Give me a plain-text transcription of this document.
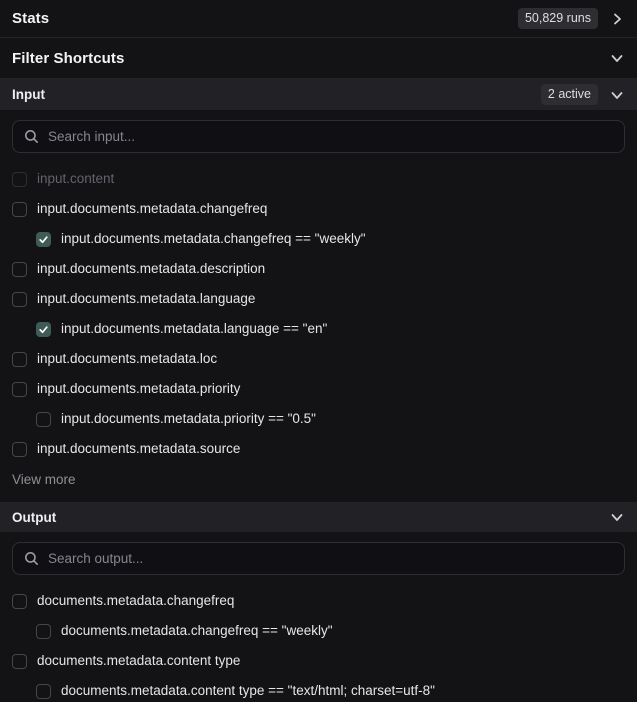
Stats	50,829 runs
Filter Shortcuts
Input	2 active
Search input...
input.content
input.documents.metadata.changefreq
input.documents.metadata.changefreq == "weekly"
input.documents.metadata.description
input.documents.metadata.language
input.documents.metadata.language == "en"
input.documents.metadata.loc
input.documents.metadata.priority
input.documents.metadata.priority == "0.5"
input.documents.metadata.source
View more
Output
Search output...
documents.metadata.changefreq
documents.metadata.changefreq == "weekly"
documents.metadata.content type
documents.metadata.content type == "text/html; charset=utf-8"
